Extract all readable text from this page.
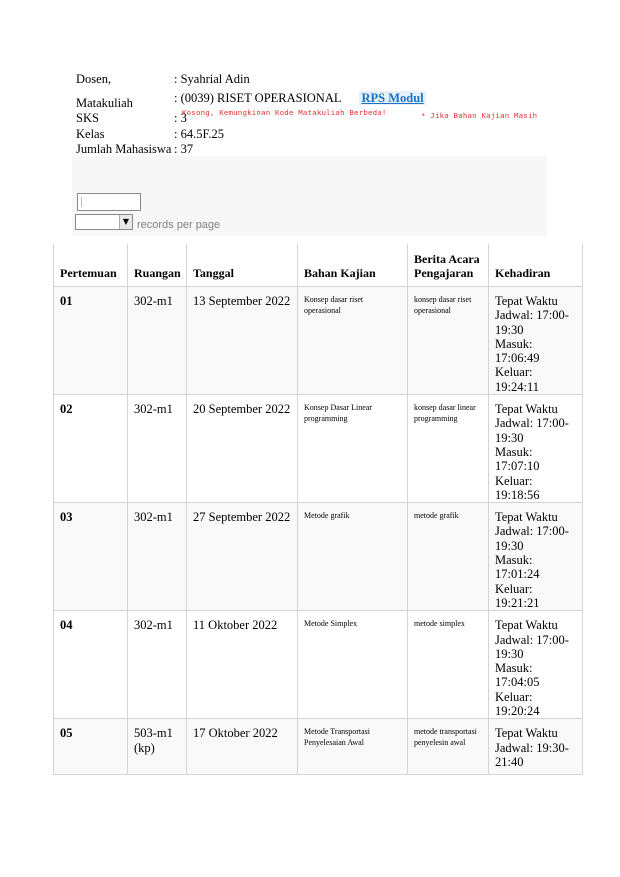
Dosen,	: Syahrial Adin
Matakuliah	: (0039) RISET OPERASIONAL RPS Modul
* Jika Bahan Kajian Masih
Kosong, Kemungkinan Kode Matakuliah Berbeda!
SKS	: 3
Kelas	: 64.5F.25
Jumlah Mahasiswa : 37
▼ records per page
Pertemuan	Ruangan	Tanggal	Bahan Kajian	Berita Acara Pengajaran	Kehadiran
01	302-m1	13 September 2022	Konsep dasar riset operasional	konsep dasar riset operasional	Tepat Waktu
Jadwal: 17:00-19:30
Masuk: 17:06:49
Keluar: 19:24:11

02	302-m1	20 September 2022	Konsep Dasar Linear programming	konsep dasar linear programming	Tepat Waktu
Jadwal: 17:00-19:30
Masuk: 17:07:10
Keluar: 19:18:56

03	302-m1	27 September 2022	Metode grafik	metode grafik	Tepat Waktu
Jadwal: 17:00-19:30
Masuk: 17:01:24
Keluar: 19:21:21

04	302-m1	11 Oktober 2022	Metode Simplex	metode simplex	Tepat Waktu
Jadwal: 17:00-19:30
Masuk: 17:04:05
Keluar: 19:20:24

05	503-m1 (kp)	17 Oktober 2022	Metode Transportasi Penyelesaian Awal	metode transportasi penyelesin awal	Tepat Waktu
Jadwal: 19:30-21:40
